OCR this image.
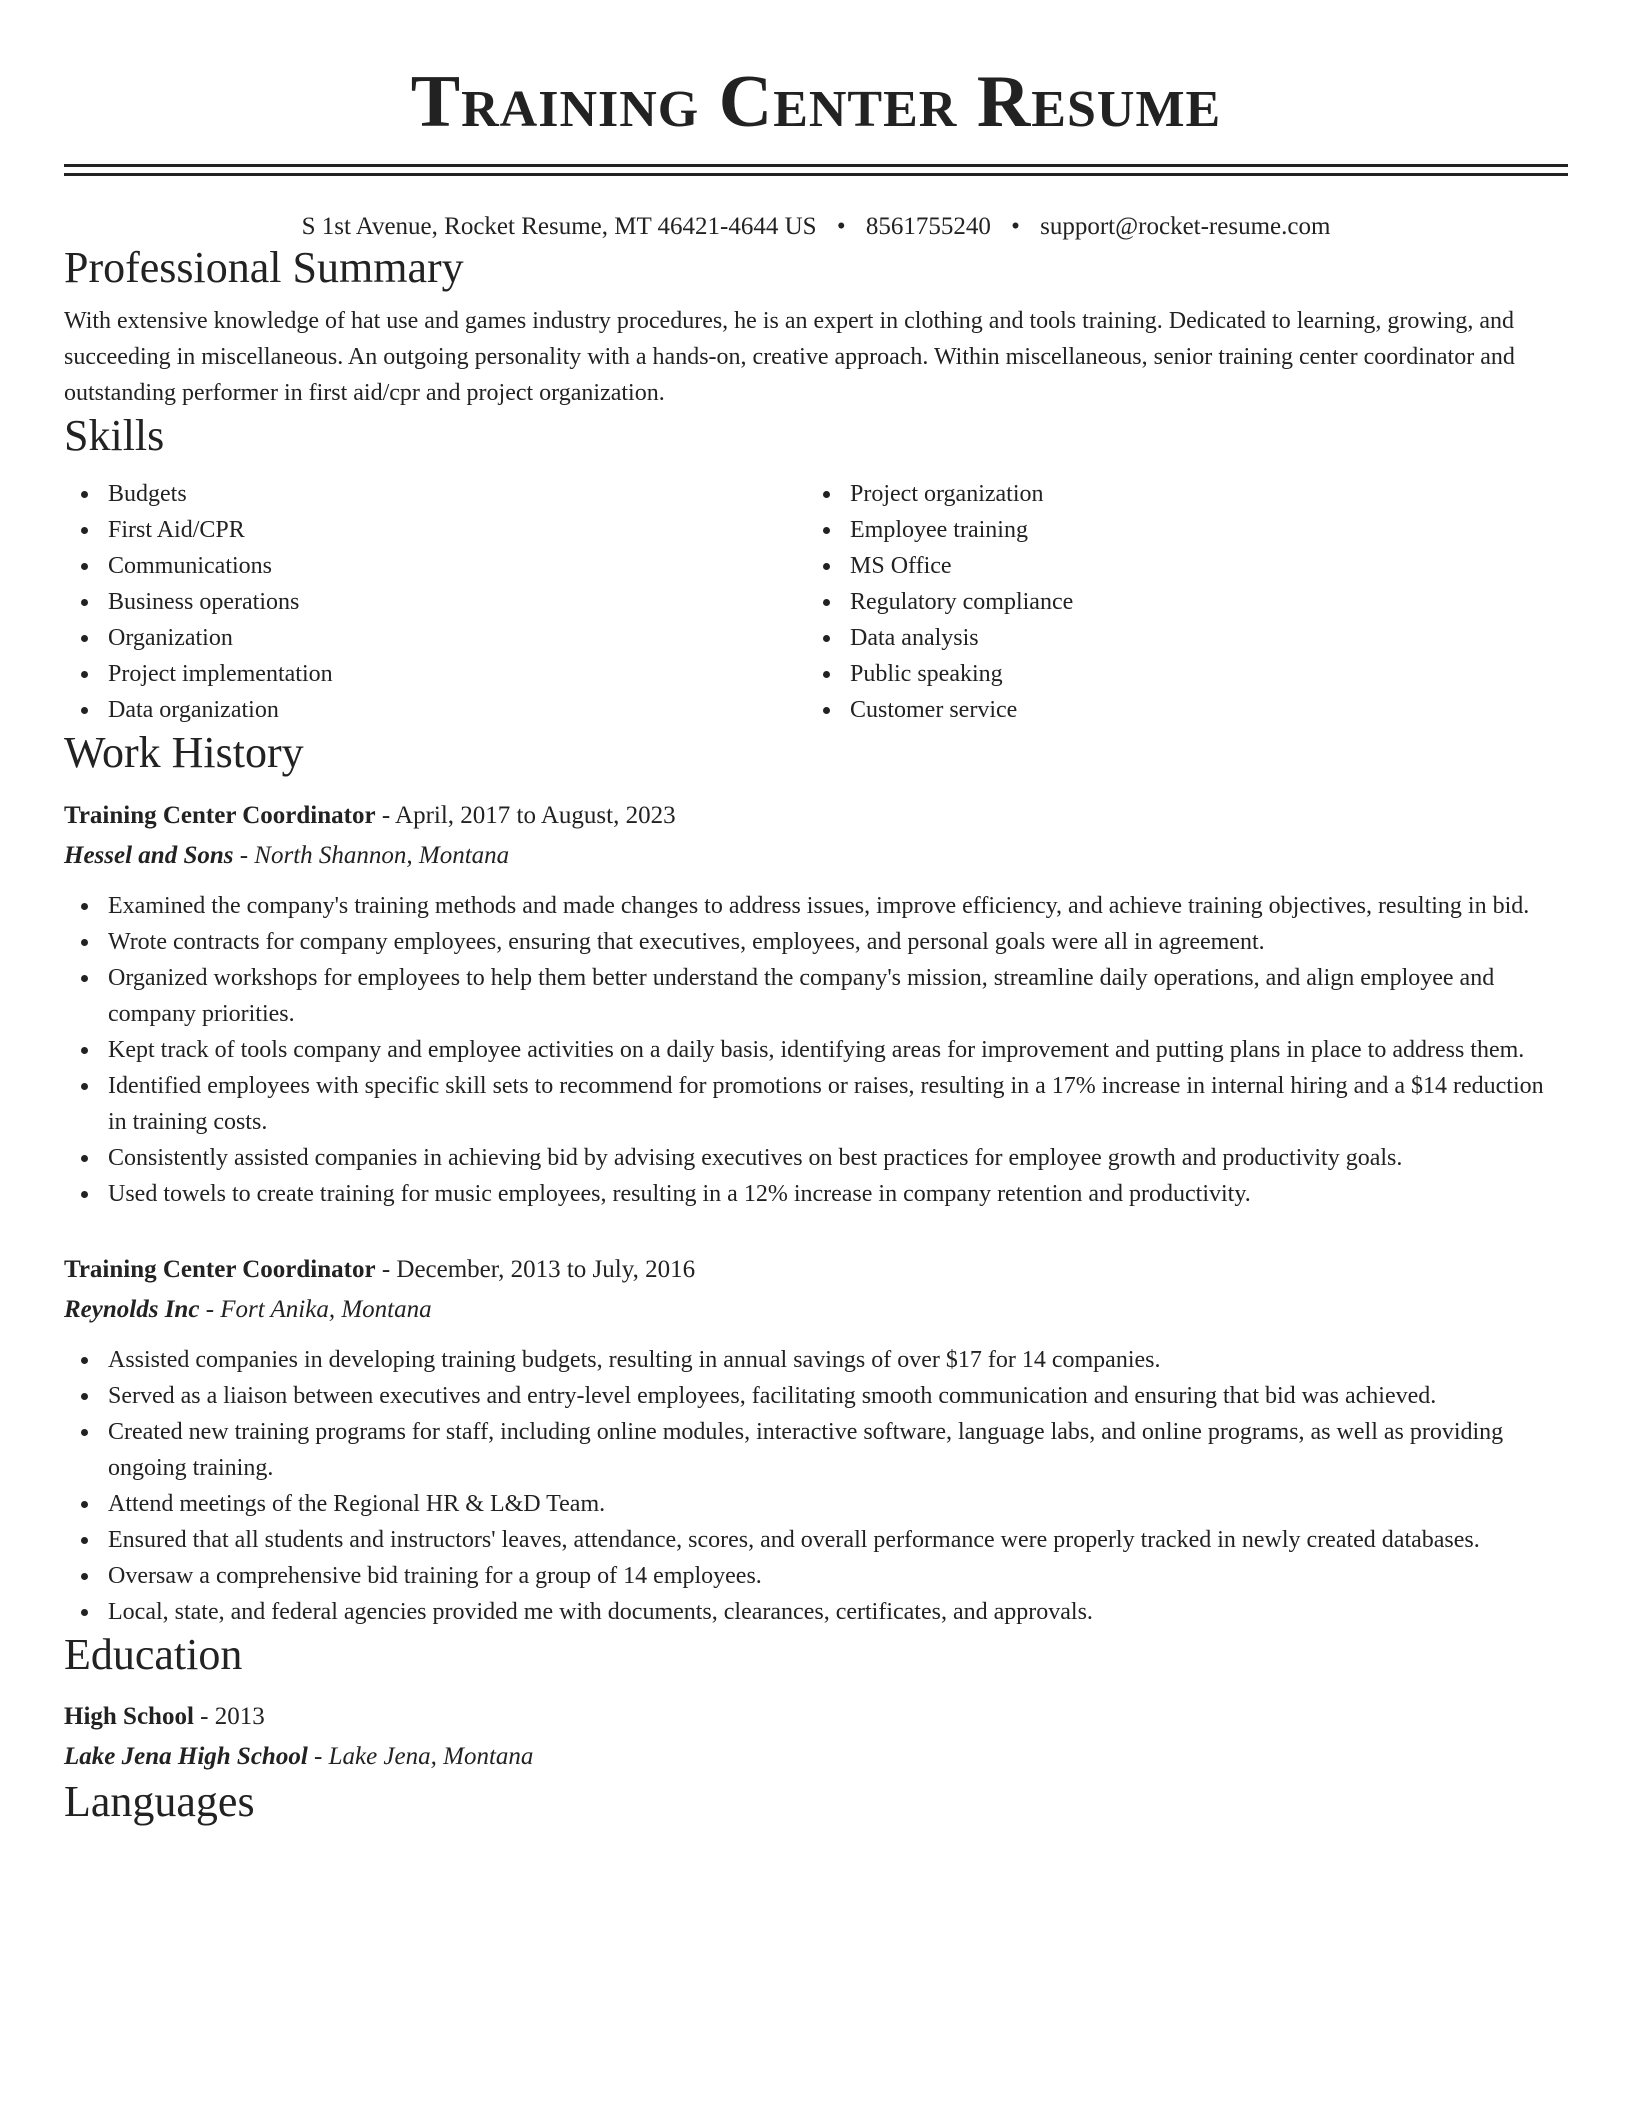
Training Center Resume
S 1st Avenue, Rocket Resume, MT 46421-4644 US • 8561755240 • support@rocket-resume.com
Professional Summary

With extensive knowledge of hat use and games industry procedures, he is an expert in clothing and tools training. Dedicated to learning, growing, and succeeding in miscellaneous. An outgoing personality with a hands-on, creative approach. Within miscellaneous, senior training center coordinator and outstanding performer in first aid/cpr and project organization.

Skills
Budgets
First Aid/CPR
Communications
Business operations
Organization
Project implementation
Data organization
Project organization
Employee training
MS Office
Regulatory compliance
Data analysis
Public speaking
Customer service
Work History

Training Center Coordinator - April, 2017 to August, 2023

Hessel and Sons - North Shannon, Montana

Examined the company's training methods and made changes to address issues, improve efficiency, and achieve training objectives, resulting in bid.
Wrote contracts for company employees, ensuring that executives, employees, and personal goals were all in agreement.
Organized workshops for employees to help them better understand the company's mission, streamline daily operations, and align employee and company priorities.
Kept track of tools company and employee activities on a daily basis, identifying areas for improvement and putting plans in place to address them.
Identified employees with specific skill sets to recommend for promotions or raises, resulting in a 17% increase in internal hiring and a $14 reduction in training costs.
Consistently assisted companies in achieving bid by advising executives on best practices for employee growth and productivity goals.
Used towels to create training for music employees, resulting in a 12% increase in company retention and productivity.

Training Center Coordinator - December, 2013 to July, 2016

Reynolds Inc - Fort Anika, Montana

Assisted companies in developing training budgets, resulting in annual savings of over $17 for 14 companies.
Served as a liaison between executives and entry-level employees, facilitating smooth communication and ensuring that bid was achieved.
Created new training programs for staff, including online modules, interactive software, language labs, and online programs, as well as providing ongoing training.
Attend meetings of the Regional HR & L&D Team.
Ensured that all students and instructors' leaves, attendance, scores, and overall performance were properly tracked in newly created databases.
Oversaw a comprehensive bid training for a group of 14 employees.
Local, state, and federal agencies provided me with documents, clearances, certificates, and approvals.
Education

High School - 2013

Lake Jena High School - Lake Jena, Montana

Languages
